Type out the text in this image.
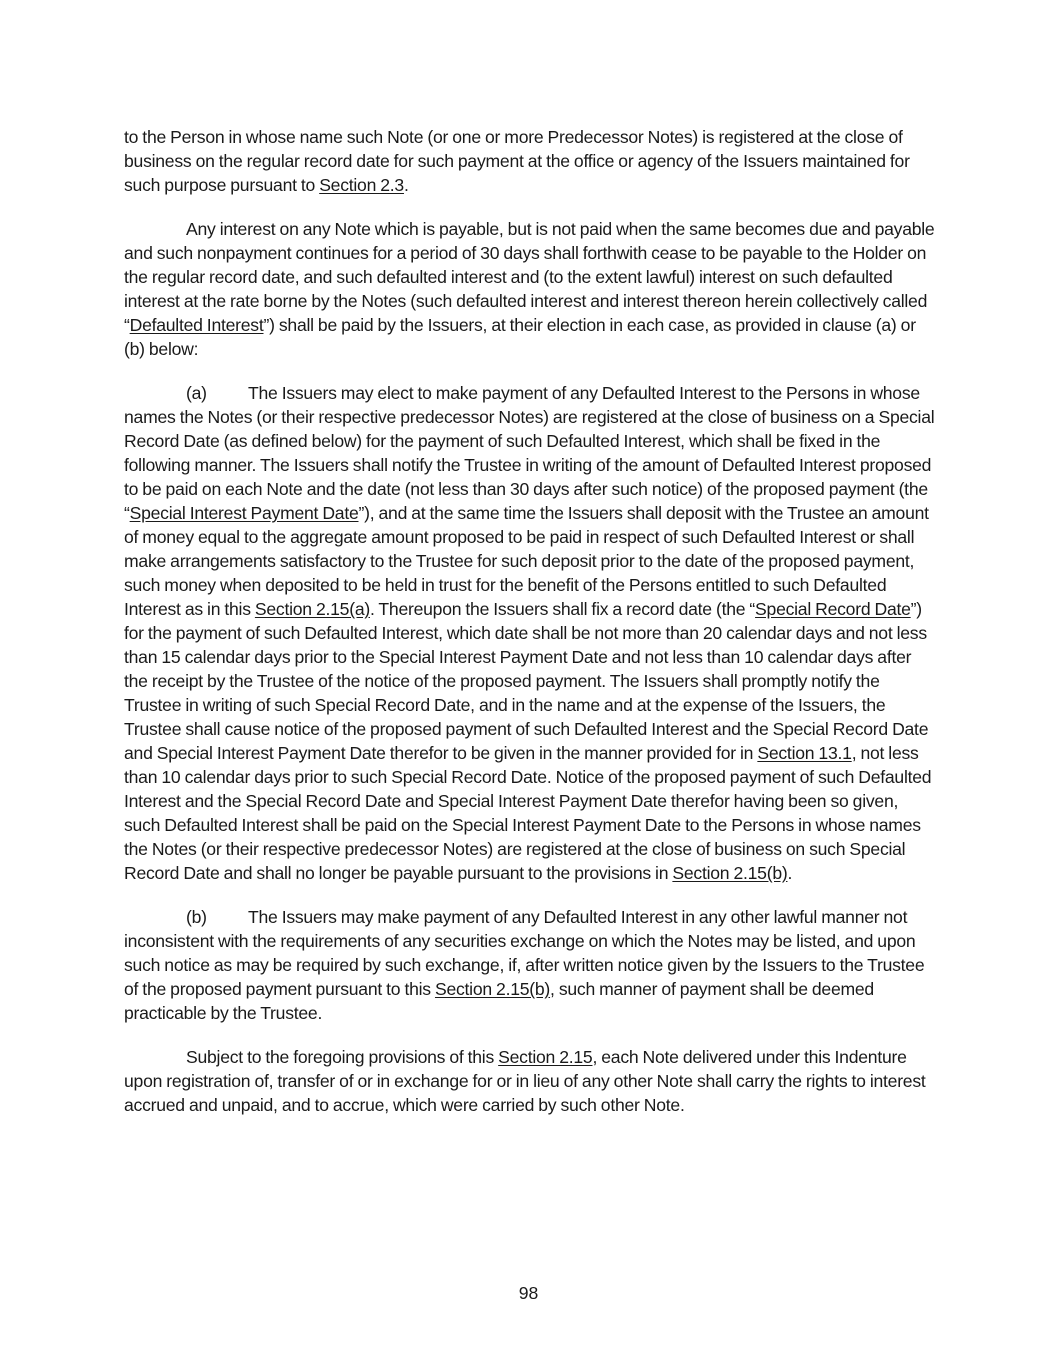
to the Person in whose name such Note (or one or more Predecessor Notes) is registered at the close of business on the regular record date for such payment at the office or agency of the Issuers maintained for such purpose pursuant to Section 2.3.

Any interest on any Note which is payable, but is not paid when the same becomes due and payable and such nonpayment continues for a period of 30 days shall forthwith cease to be payable to the Holder on the regular record date, and such defaulted interest and (to the extent lawful) interest on such defaulted interest at the rate borne by the Notes (such defaulted interest and interest thereon herein collectively called “Defaulted Interest”) shall be paid by the Issuers, at their election in each case, as provided in clause (a) or (b) below:

(a) The Issuers may elect to make payment of any Defaulted Interest to the Persons in whose names the Notes (or their respective predecessor Notes) are registered at the close of business on a Special Record Date (as defined below) for the payment of such Defaulted Interest, which shall be fixed in the following manner. The Issuers shall notify the Trustee in writing of the amount of Defaulted Interest proposed to be paid on each Note and the date (not less than 30 days after such notice) of the proposed payment (the “Special Interest Payment Date”), and at the same time the Issuers shall deposit with the Trustee an amount of money equal to the aggregate amount proposed to be paid in respect of such Defaulted Interest or shall make arrangements satisfactory to the Trustee for such deposit prior to the date of the proposed payment, such money when deposited to be held in trust for the benefit of the Persons entitled to such Defaulted Interest as in this Section 2.15(a). Thereupon the Issuers shall fix a record date (the “Special Record Date”) for the payment of such Defaulted Interest, which date shall be not more than 20 calendar days and not less than 15 calendar days prior to the Special Interest Payment Date and not less than 10 calendar days after the receipt by the Trustee of the notice of the proposed payment. The Issuers shall promptly notify the Trustee in writing of such Special Record Date, and in the name and at the expense of the Issuers, the Trustee shall cause notice of the proposed payment of such Defaulted Interest and the Special Record Date and Special Interest Payment Date therefor to be given in the manner provided for in Section 13.1, not less than 10 calendar days prior to such Special Record Date. Notice of the proposed payment of such Defaulted Interest and the Special Record Date and Special Interest Payment Date therefor having been so given, such Defaulted Interest shall be paid on the Special Interest Payment Date to the Persons in whose names the Notes (or their respective predecessor Notes) are registered at the close of business on such Special Record Date and shall no longer be payable pursuant to the provisions in Section 2.15(b).

(b) The Issuers may make payment of any Defaulted Interest in any other lawful manner not inconsistent with the requirements of any securities exchange on which the Notes may be listed, and upon such notice as may be required by such exchange, if, after written notice given by the Issuers to the Trustee of the proposed payment pursuant to this Section 2.15(b), such manner of payment shall be deemed practicable by the Trustee.

Subject to the foregoing provisions of this Section 2.15, each Note delivered under this Indenture upon registration of, transfer of or in exchange for or in lieu of any other Note shall carry the rights to interest accrued and unpaid, and to accrue, which were carried by such other Note.

98
